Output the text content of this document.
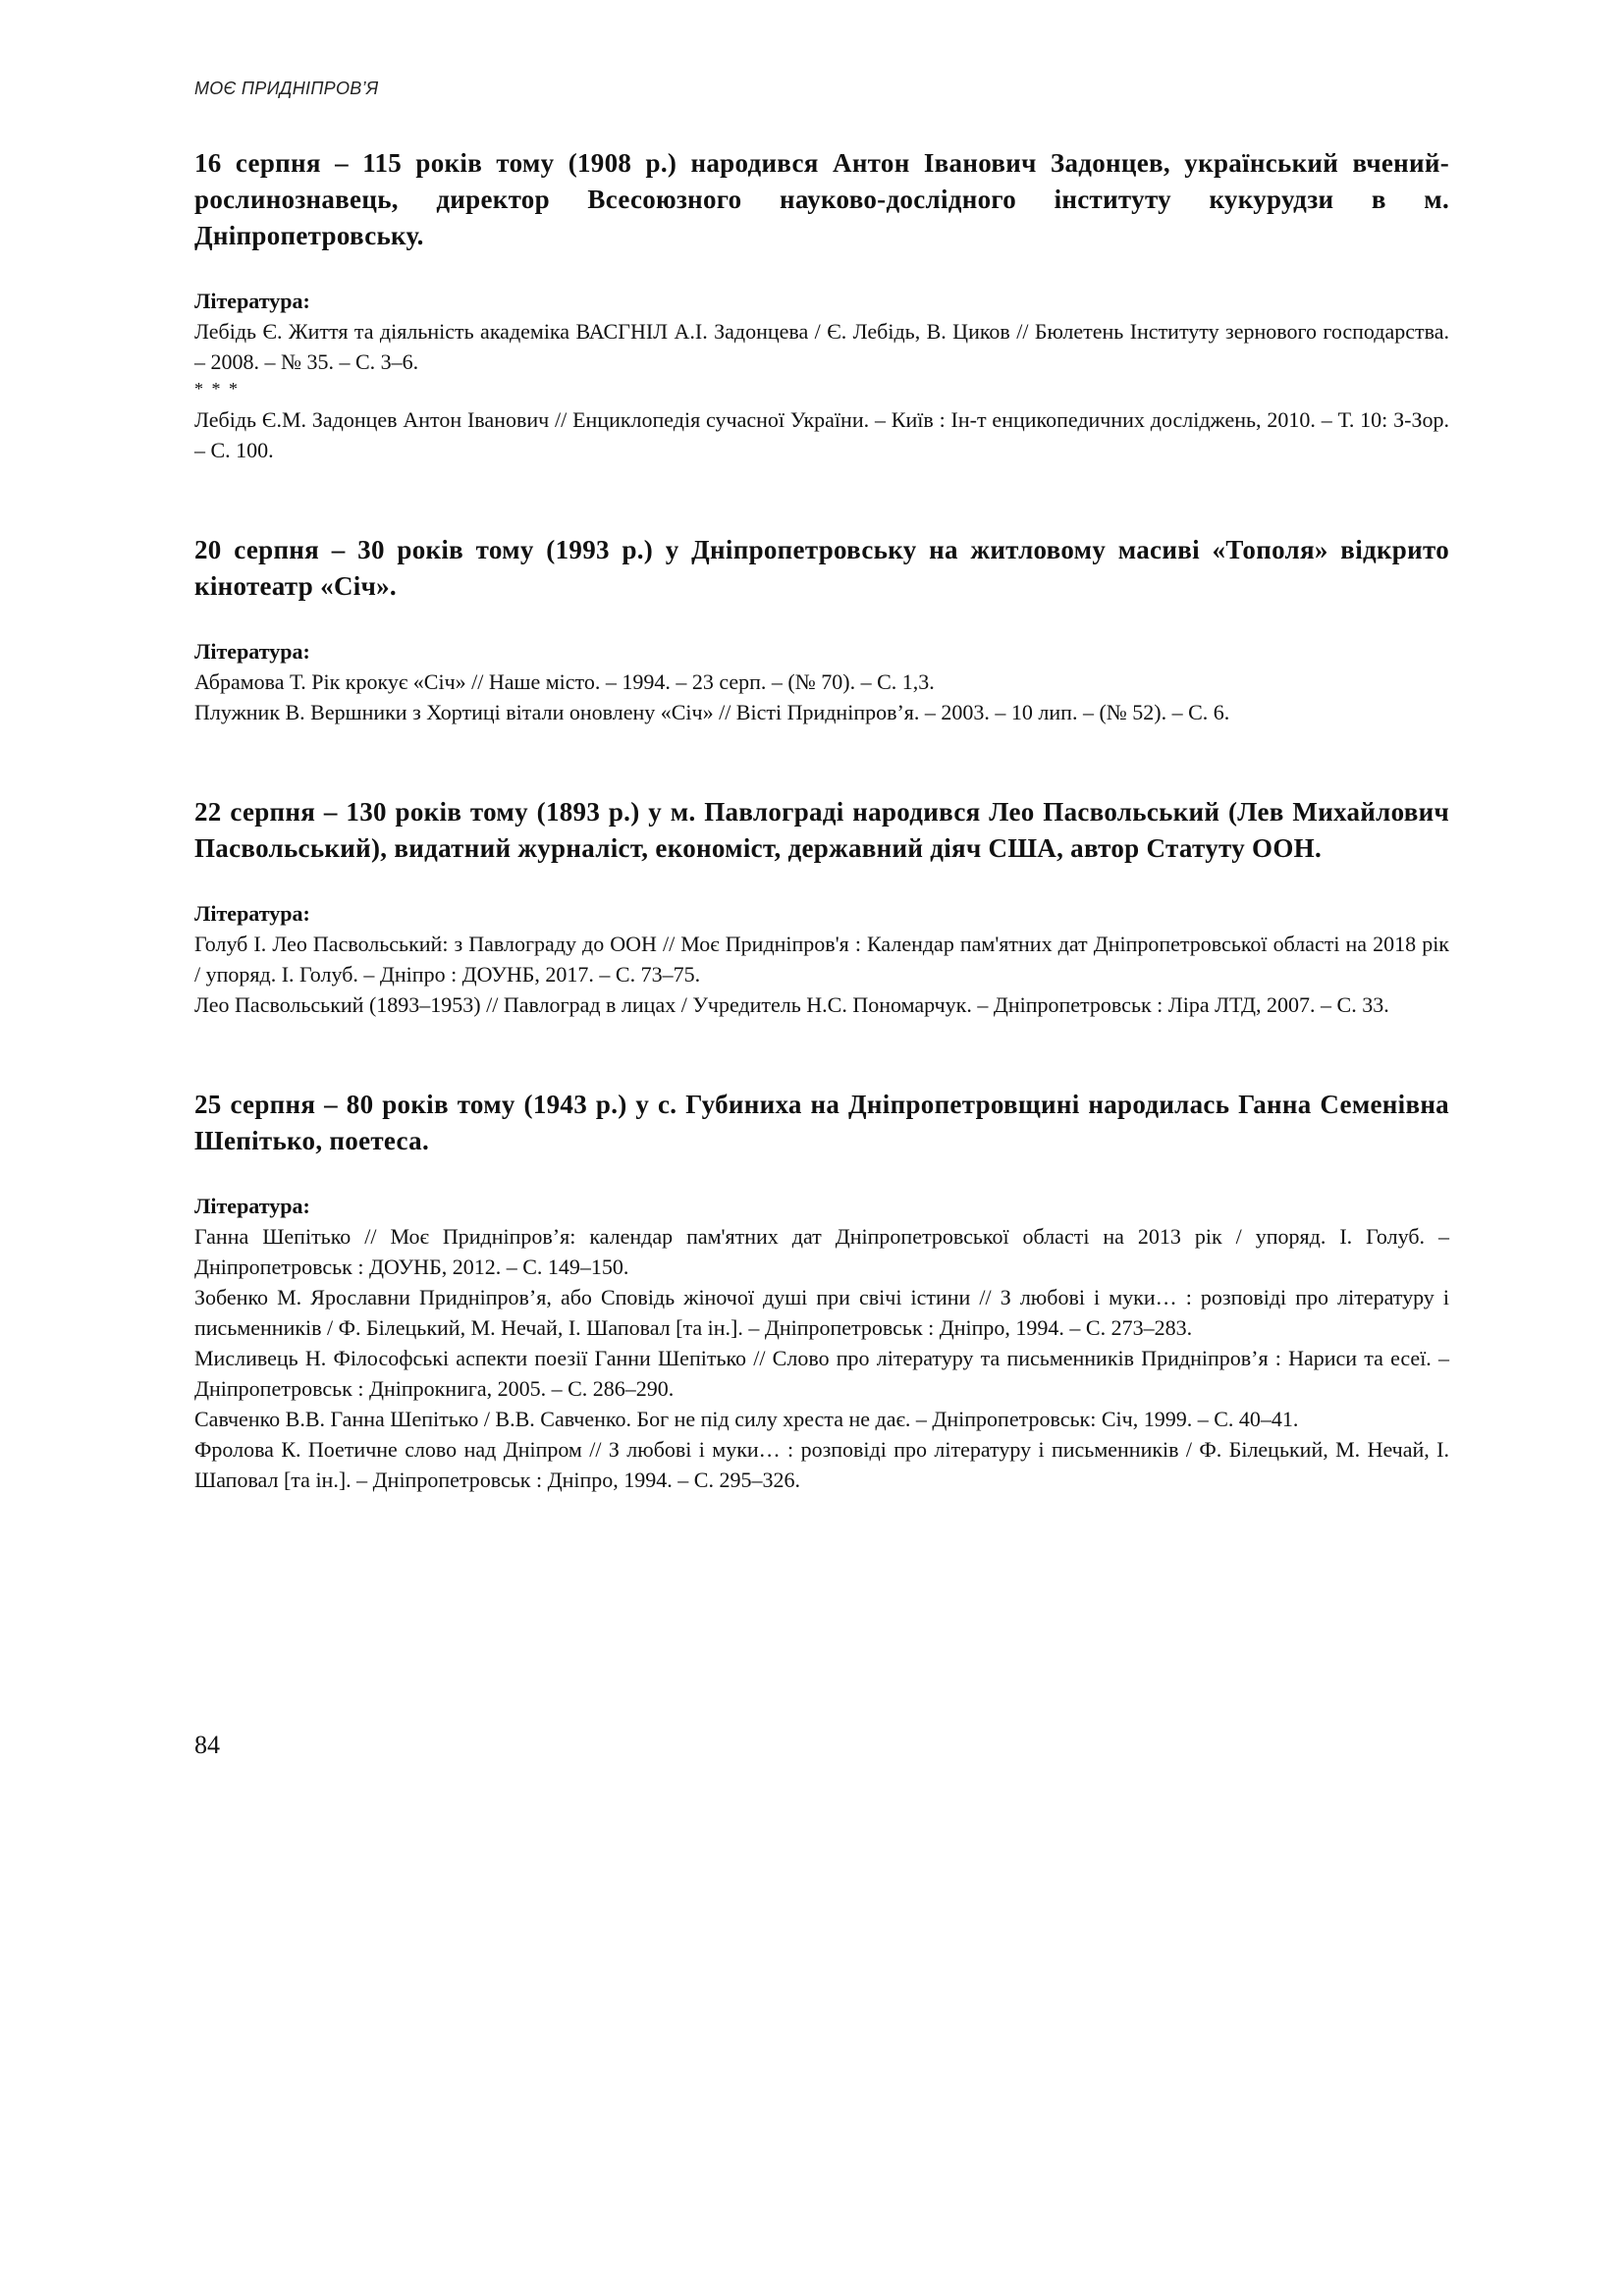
МОЄ ПРИДНІПРОВ’Я

16 серпня – 115 років тому (1908 р.) народився Антон Іванович Задонцев, український вчений-рослинознавець, директор Всесоюзного науково-дослідного інституту кукурудзи в м. Дніпропетровську.

Література:

Лебідь Є. Життя та діяльність академіка ВАСГНІЛ А.І. Задонцева / Є. Лебідь, В. Циков // Бюлетень Інституту зернового господарства. – 2008. – № 35. – С. 3–6.

* * *

Лебідь Є.М. Задонцев Антон Іванович // Енциклопедія сучасної України. – Київ : Ін-т енцикопедичних досліджень, 2010. – Т. 10: З-Зор. – С. 100.

20 серпня – 30 років тому (1993 р.) у Дніпропетровську на житловому масиві «Тополя» відкрито кінотеатр «Січ».

Література:

Абрамова Т. Рік крокує «Січ» // Наше місто. – 1994. – 23 серп. – (№ 70). – С. 1,3.

Плужник В. Вершники з Хортиці вітали оновлену «Січ» // Вісті Придніпров’я. – 2003. – 10 лип. – (№ 52). – С. 6.

22 серпня – 130 років тому (1893 р.) у м. Павлограді народився Лео Пасвольський (Лев Михайлович Пасвольський), видатний журналіст, економіст, державний діяч США, автор Статуту ООН.

Література:

Голуб І. Лео Пасвольський: з Павлограду до ООН // Моє Придніпров'я : Календар пам'ятних дат Дніпропетровської області на 2018 рік / упоряд. І. Голуб. – Дніпро : ДОУНБ, 2017. – С. 73–75.

Лео Пасвольський (1893–1953) // Павлоград в лицах / Учредитель Н.С. Пономарчук. – Дніпропетровськ : Ліра ЛТД, 2007. – С. 33.

25 серпня – 80 років тому (1943 р.) у с. Губиниха на Дніпропетровщині народилась Ганна Семенівна Шепітько, поетеса.

Література:

Ганна Шепітько // Моє Придніпров’я: календар пам'ятних дат Дніпропетровської області на 2013 рік / упоряд. І. Голуб. – Дніпропетровськ : ДОУНБ, 2012. – С. 149–150.

Зобенко М. Ярославни Придніпров’я, або Сповідь жіночої душі при свічі істини // З любові і муки… : розповіді про літературу і письменників / Ф. Білецький, М. Нечай, І. Шаповал [та ін.]. – Дніпропетровськ : Дніпро, 1994. – С. 273–283.

Мисливець Н. Філософські аспекти поезії Ганни Шепітько // Слово про літературу та письменників Придніпров’я : Нариси та есеї. – Дніпропетровськ : Дніпрокнига, 2005. – С. 286–290.

Савченко В.В. Ганна Шепітько / В.В. Савченко. Бог не під силу хреста не дає. – Дніпропетровськ: Січ, 1999. – С. 40–41.

Фролова К. Поетичне слово над Дніпром // З любові і муки… : розповіді про літературу і письменників / Ф. Білецький, М. Нечай, І. Шаповал [та ін.]. – Дніпропетровськ : Дніпро, 1994. – С. 295–326.

84
